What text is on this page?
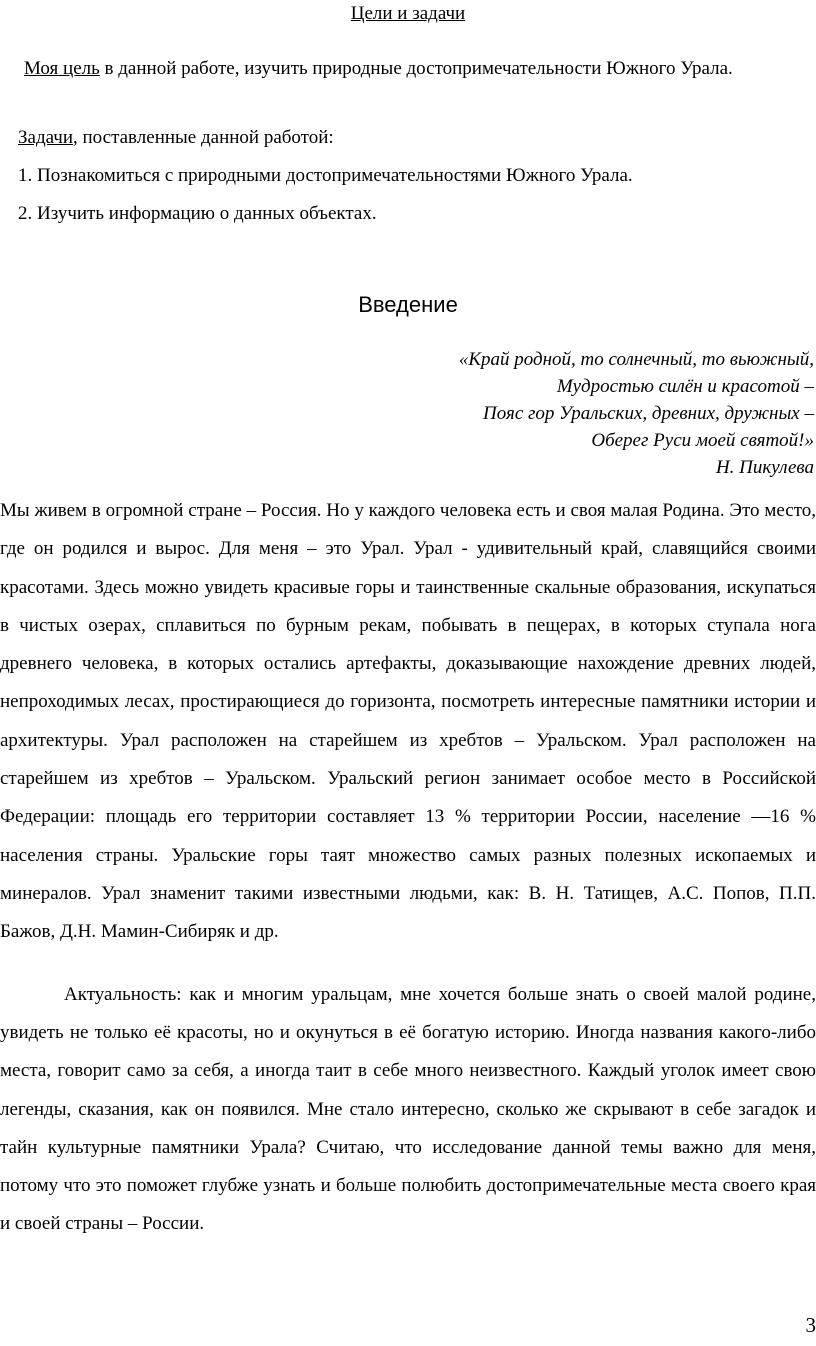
Цели и задачи

Моя цель в данной работе, изучить природные достопримечательности Южного Урала.

Задачи, поставленные данной работой:
1. Познакомиться с природными достопримечательностями Южного Урала.
2. Изучить информацию о данных объектах.
Введение
«Край родной, то солнечный, то вьюжный,
Мудростью силён и красотой –
Пояс гор Уральских, древних, дружных –
Оберег Руси моей святой!»
Н. Пикулева

Мы живем в огромной стране – Россия. Но у каждого человека есть и своя малая Родина. Это место, где он родился и вырос. Для меня – это Урал. Урал - удивительный край, славящийся своими красотами. Здесь можно увидеть красивые горы и таинственные скальные образования, искупаться в чистых озерах, сплавиться по бурным рекам, побывать в пещерах, в которых ступала нога древнего человека, в которых остались артефакты, доказывающие нахождение древних людей, непроходимых лесах, простирающиеся до горизонта, посмотреть интересные памятники истории и архитектуры. Урал расположен на старейшем из хребтов – Уральском. Урал расположен на старейшем из хребтов – Уральском. Уральский регион занимает особое место в Российской Федерации: площадь его территории составляет 13 % территории России, население —16 % населения страны. Уральские горы таят множество самых разных полезных ископаемых и минералов. Урал знаменит такими известными людьми, как: В. Н. Татищев, А.С. Попов, П.П. Бажов, Д.Н. Мамин-Сибиряк и др.

Актуальность: как и многим уральцам, мне хочется больше знать о своей малой родине, увидеть не только её красоты, но и окунуться в её богатую историю. Иногда названия какого-либо места, говорит само за себя, а иногда таит в себе много неизвестного. Каждый уголок имеет свою легенды, сказания, как он появился. Мне стало интересно, сколько же скрывают в себе загадок и тайн культурные памятники Урала? Считаю, что исследование данной темы важно для меня, потому что это поможет глубже узнать и больше полюбить достопримечательные места своего края и своей страны – России.

3
